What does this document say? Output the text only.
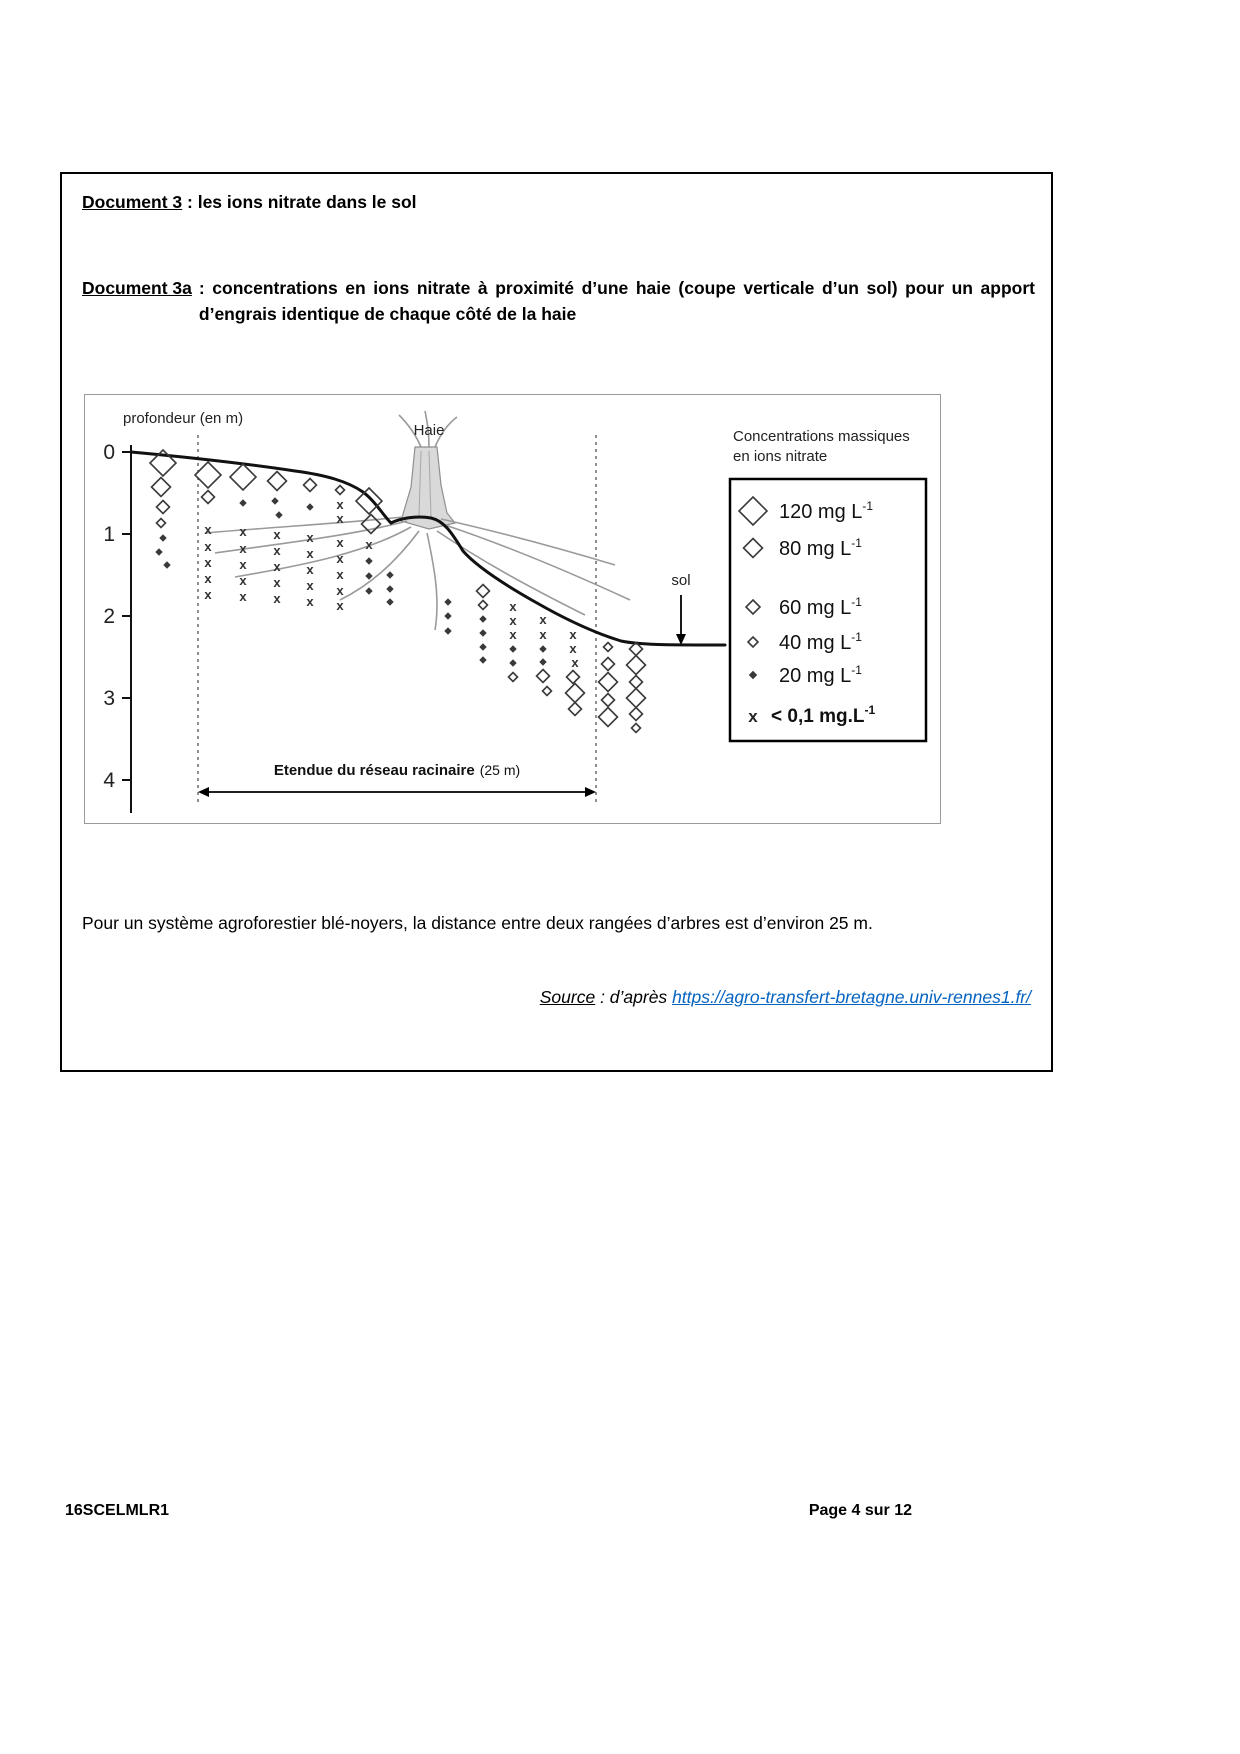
Document 3 : les ions nitrate dans le sol

Document 3a : concentrations en ions nitrate à proximité d’une haie (coupe verticale d’un sol) pour un apport d’engrais identique de chaque côté de la haie
profondeur (en m)
0
1
2
3
4
Haie
x
x
x
x
x
x
x
x
x
x
x
x
x
x
x
x
x
x
x
x
x
x
x
x
x
x
x
x
x
x
x
x
x x
x
x
sol
Concentrations massiques
en ions nitrate
120 mg $L^{-1}$
80 mg $L^{-1}$
60 mg $L^{-1}$
40 mg $L^{-1}$
20 mg $L^{-1}$
x < 0,1 $mg.L^{-1}$
Etendue du réseau racinaire (25 m)

Pour un système agroforestier blé-noyers, la distance entre deux rangées d’arbres est d’environ 25 m.

Source : d’après https://agro-transfert-bretagne.univ-rennes1.fr/

16SCELMLR1	Page 4 sur 12
